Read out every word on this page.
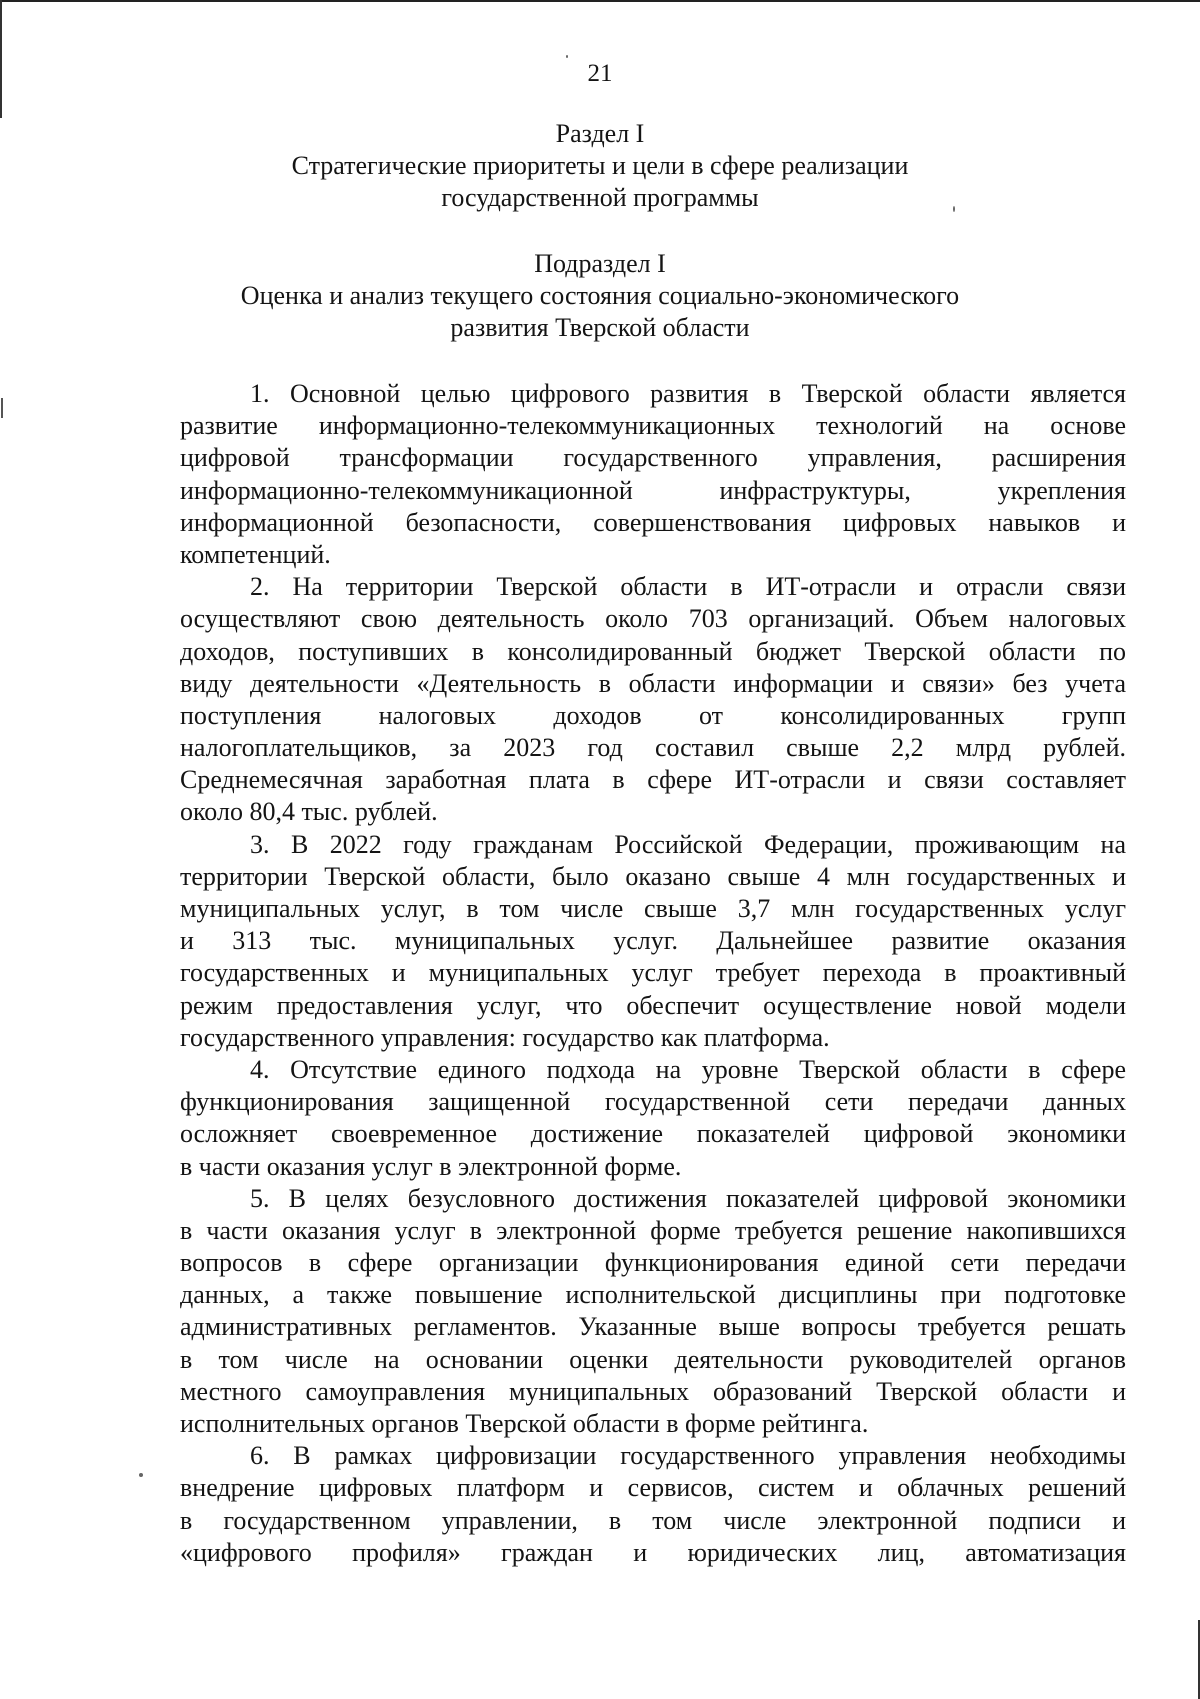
21
Раздел I
Стратегические приоритеты и цели в сфере реализации
государственной программы
Подраздел I
Оценка и анализ текущего состояния социально-экономического
развития Тверской области
1. Основной целью цифрового развития в Тверской области является
развитие информационно-телекоммуникационных технологий на основе
цифровой трансформации государственного управления, расширения
информационно-телекоммуникационной инфраструктуры, укрепления
информационной безопасности, совершенствования цифровых навыков и
компетенций.
2. На территории Тверской области в ИТ-отрасли и отрасли связи
осуществляют свою деятельность около 703 организаций. Объем налоговых
доходов, поступивших в консолидированный бюджет Тверской области по
виду деятельности «Деятельность в области информации и связи» без учета
поступления налоговых доходов от консолидированных групп
налогоплательщиков, за 2023 год составил свыше 2,2 млрд рублей.
Среднемесячная заработная плата в сфере ИТ-отрасли и связи составляет
около 80,4 тыс. рублей.
3. В 2022 году гражданам Российской Федерации, проживающим на
территории Тверской области, было оказано свыше 4 млн государственных и
муниципальных услуг, в том числе свыше 3,7 млн государственных услуг
и 313 тыс. муниципальных услуг. Дальнейшее развитие оказания
государственных и муниципальных услуг требует перехода в проактивный
режим предоставления услуг, что обеспечит осуществление новой модели
государственного управления: государство как платформа.
4. Отсутствие единого подхода на уровне Тверской области в сфере
функционирования защищенной государственной сети передачи данных
осложняет своевременное достижение показателей цифровой экономики
в части оказания услуг в электронной форме.
5. В целях безусловного достижения показателей цифровой экономики
в части оказания услуг в электронной форме требуется решение накопившихся
вопросов в сфере организации функционирования единой сети передачи
данных, а также повышение исполнительской дисциплины при подготовке
административных регламентов. Указанные выше вопросы требуется решать
в том числе на основании оценки деятельности руководителей органов
местного самоуправления муниципальных образований Тверской области и
исполнительных органов Тверской области в форме рейтинга.
6. В рамках цифровизации государственного управления необходимы
внедрение цифровых платформ и сервисов, систем и облачных решений
в государственном управлении, в том числе электронной подписи и
«цифрового профиля» граждан и юридических лиц, автоматизация
